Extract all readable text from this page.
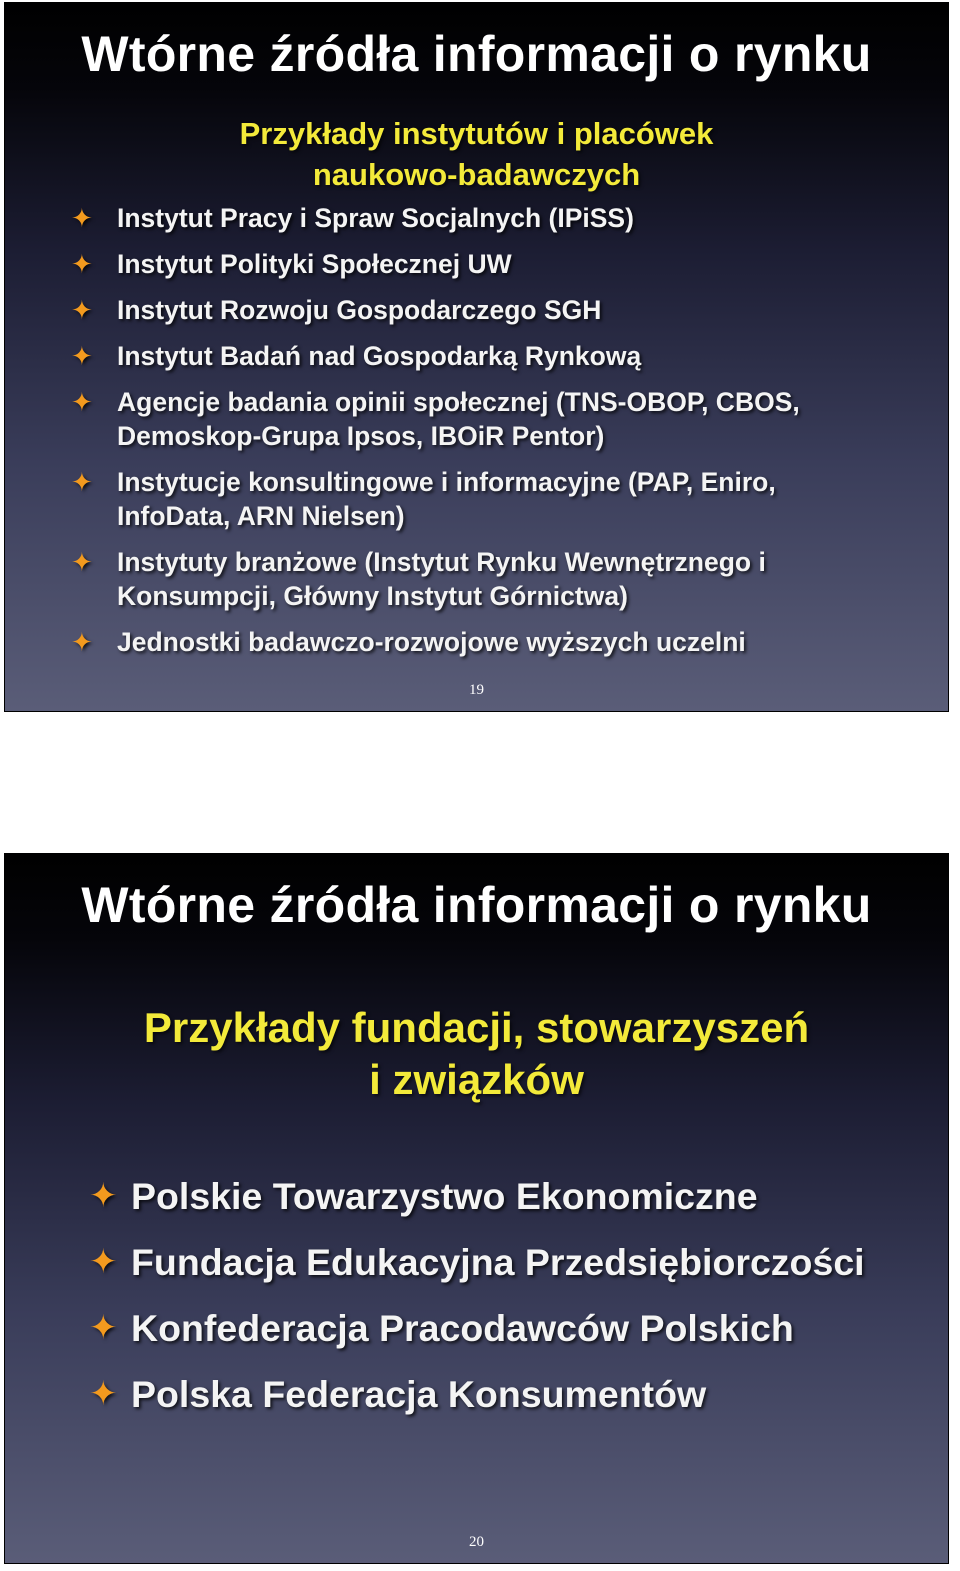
Wtórne źródła informacji o rynku
Przykłady instytutów i placówek
naukowo-badawczych
✦ Instytut Pracy i Spraw Socjalnych (IPiSS)
✦ Instytut Polityki Społecznej UW
✦ Instytut Rozwoju Gospodarczego SGH
✦ Instytut Badań nad Gospodarką Rynkową
✦ Agencje badania opinii społecznej (TNS-OBOP, CBOS, Demoskop-Grupa Ipsos, IBOiR Pentor)
✦ Instytucje konsultingowe i informacyjne (PAP, Eniro, InfoData, ARN Nielsen)
✦ Instytuty branżowe (Instytut Rynku Wewnętrznego i Konsumpcji, Główny Instytut Górnictwa)
✦ Jednostki badawczo-rozwojowe wyższych uczelni
19
Wtórne źródła informacji o rynku
Przykłady fundacji, stowarzyszeń
i związków
✦ Polskie Towarzystwo Ekonomiczne
✦ Fundacja Edukacyjna Przedsiębiorczości
✦ Konfederacja Pracodawców Polskich
✦ Polska Federacja Konsumentów
20
